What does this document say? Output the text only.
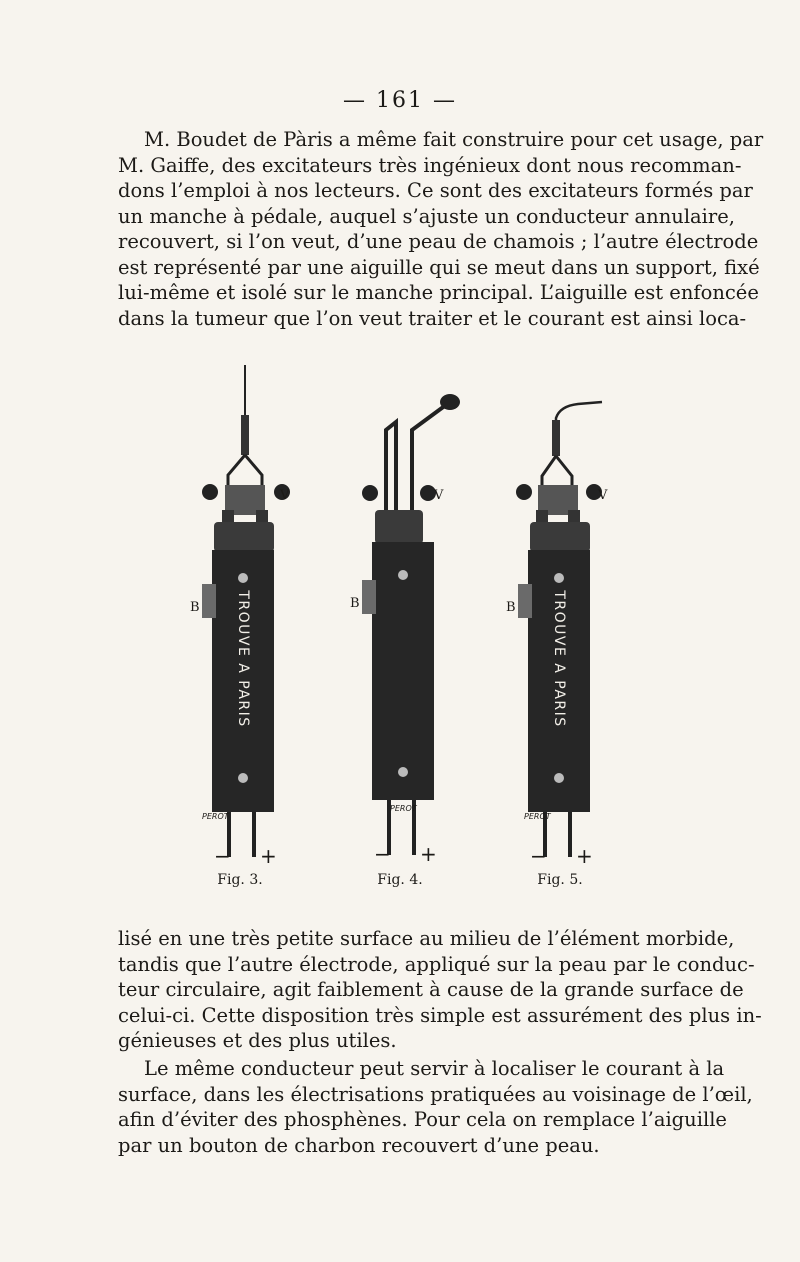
— 161 —

M. Boudet de Pàris a même fait construire pour cet usage, par
M. Gaiffe, des excitateurs très ingénieux dont nous recomman-
dons l’emploi à nos lecteurs. Ce sont des excitateurs formés par
un manche à pédale, auquel s’ajuste un conducteur annulaire,
recouvert, si l’on veut, d’une peau de chamois ; l’autre électrode
est représenté par une aiguille qui se meut dans un support, fixé
lui-même et isolé sur le manche principal. L’aiguille est enfoncée
dans la tumeur que l’on veut traiter et le courant est ainsi loca-

TROUVE A PARIS
V
B
PEROT
− +
Fig. 3.
V
B
PEROT
− +
Fig. 4.
TROUVE A PARIS
V
B
PEROT
− +
Fig. 5.

lisé en une très petite surface au milieu de l’élément morbide,
tandis que l’autre électrode, appliqué sur la peau par le conduc-
teur circulaire, agit faiblement à cause de la grande surface de
celui-ci. Cette disposition très simple est assurément des plus in-
génieuses et des plus utiles.

Le même conducteur peut servir à localiser le courant à la
surface, dans les électrisations pratiquées au voisinage de l’œil,
afin d’éviter des phosphènes. Pour cela on remplace l’aiguille
par un bouton de charbon recouvert d’une peau.
